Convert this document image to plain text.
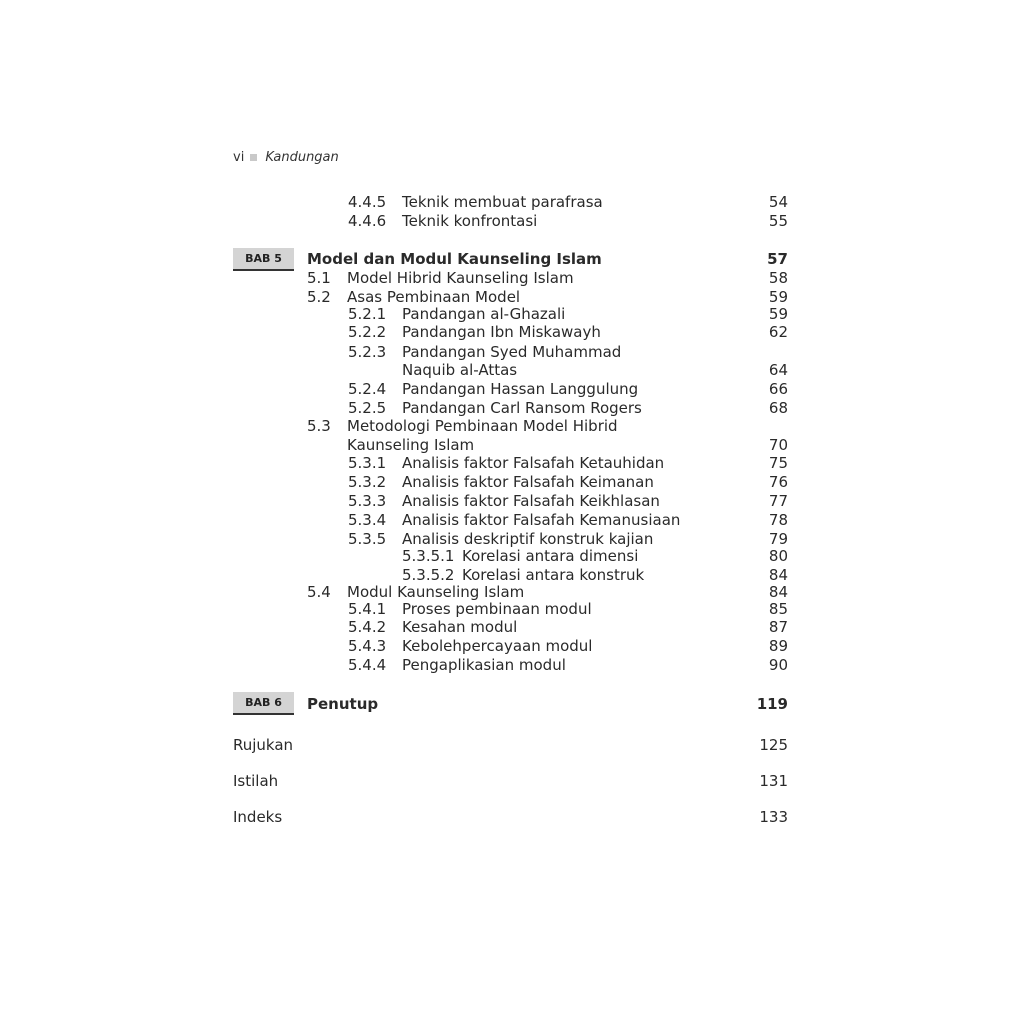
vi Kandungan
4.4.5 Teknik membuat parafrasa	54
4.4.6 Teknik konfrontasi	55
BAB 5	Model dan Modul Kaunseling Islam	57
5.1 Model Hibrid Kaunseling Islam	58
5.2 Asas Pembinaan Model	59
5.2.1 Pandangan al-Ghazali	59
5.2.2 Pandangan Ibn Miskawayh	62
5.2.3 Pandangan Syed Muhammad
Naquib al-Attas	64
5.2.4 Pandangan Hassan Langgulung	66
5.2.5 Pandangan Carl Ransom Rogers	68
5.3 Metodologi Pembinaan Model Hibrid
Kaunseling Islam	70
5.3.1 Analisis faktor Falsafah Ketauhidan	75
5.3.2 Analisis faktor Falsafah Keimanan	76
5.3.3 Analisis faktor Falsafah Keikhlasan	77
5.3.4 Analisis faktor Falsafah Kemanusiaan	78
5.3.5 Analisis deskriptif konstruk kajian	79
5.3.5.1 Korelasi antara dimensi	80
5.3.5.2 Korelasi antara konstruk	84
5.4 Modul Kaunseling Islam	84
5.4.1 Proses pembinaan modul	85
5.4.2 Kesahan modul	87
5.4.3 Kebolehpercayaan modul	89
5.4.4 Pengaplikasian modul	90
BAB 6	Penutup	119
Rujukan	125
Istilah	131
Indeks	133
